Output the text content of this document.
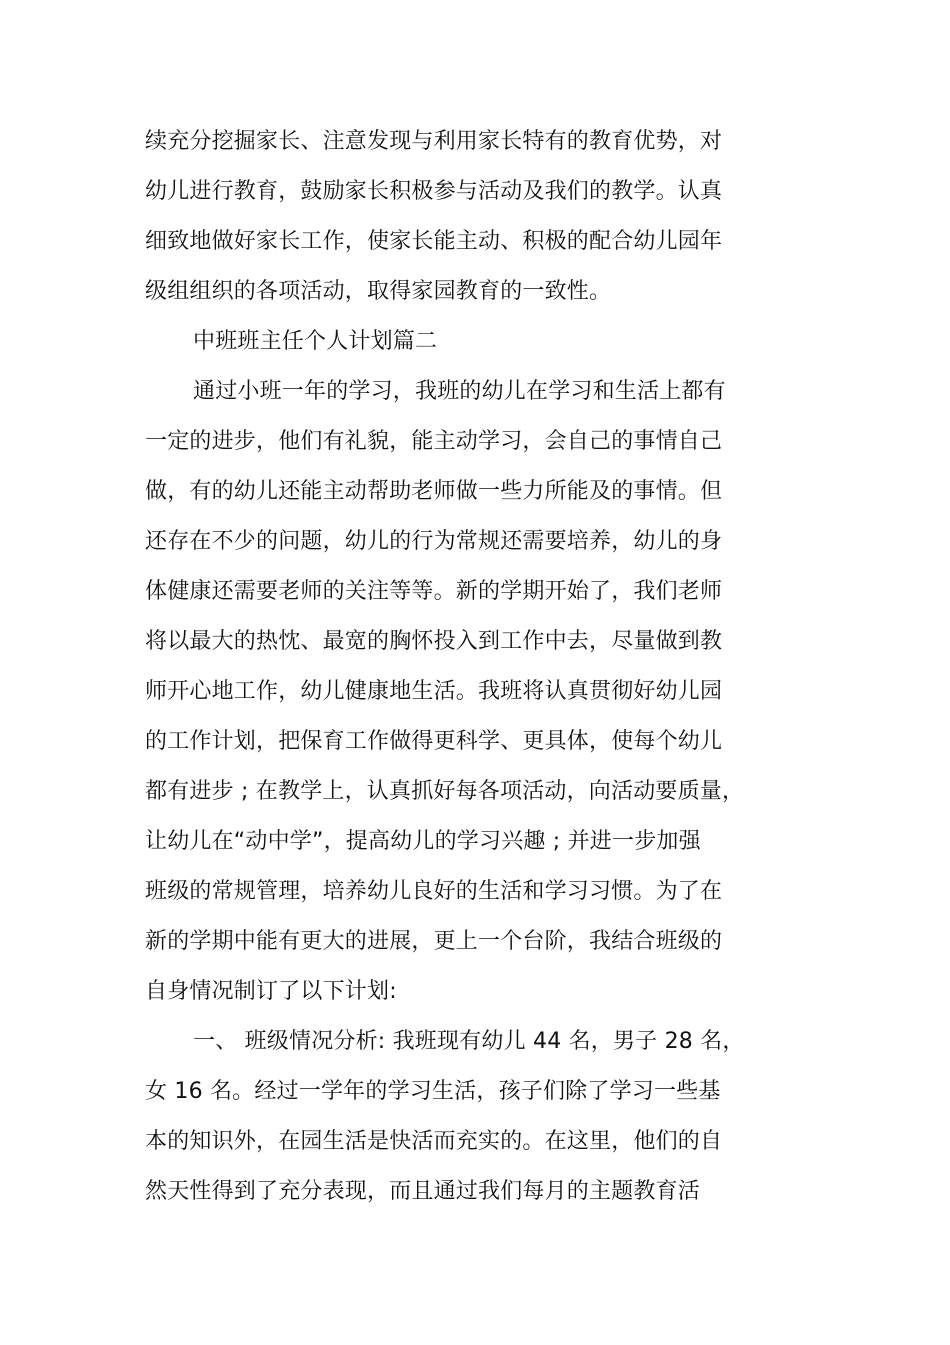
续充分挖掘家长、注意发现与利用家长特有的教育优势，对
幼儿进行教育，鼓励家长积极参与活动及我们的教学。认真
细致地做好家长工作，使家长能主动、积极的配合幼儿园年
级组组织的各项活动，取得家园教育的一致性。
中班班主任个人计划篇二
通过小班一年的学习，我班的幼儿在学习和生活上都有
一定的进步，他们有礼貌，能主动学习，会自己的事情自己
做，有的幼儿还能主动帮助老师做一些力所能及的事情。但
还存在不少的问题，幼儿的行为常规还需要培养，幼儿的身
体健康还需要老师的关注等等。新的学期开始了，我们老师
将以最大的热忱、最宽的胸怀投入到工作中去，尽量做到教
师开心地工作，幼儿健康地生活。我班将认真贯彻好幼儿园
的工作计划，把保育工作做得更科学、更具体，使每个幼儿
都有进步 ; 在教学上，认真抓好每各项活动，向活动要质量，
让幼儿在“动中学”，提高幼儿的学习兴趣 ; 并进一步加强
班级的常规管理，培养幼儿良好的生活和学习习惯。为了在
新的学期中能有更大的进展，更上一个台阶，我结合班级的
自身情况制订了以下计划:
一、 班级情况分析: 我班现有幼儿 44 名，男子 28 名，
女 16 名。经过一学年的学习生活，孩子们除了学习一些基
本的知识外，在园生活是快活而充实的。在这里，他们的自
然天性得到了充分表现，而且通过我们每月的主题教育活
